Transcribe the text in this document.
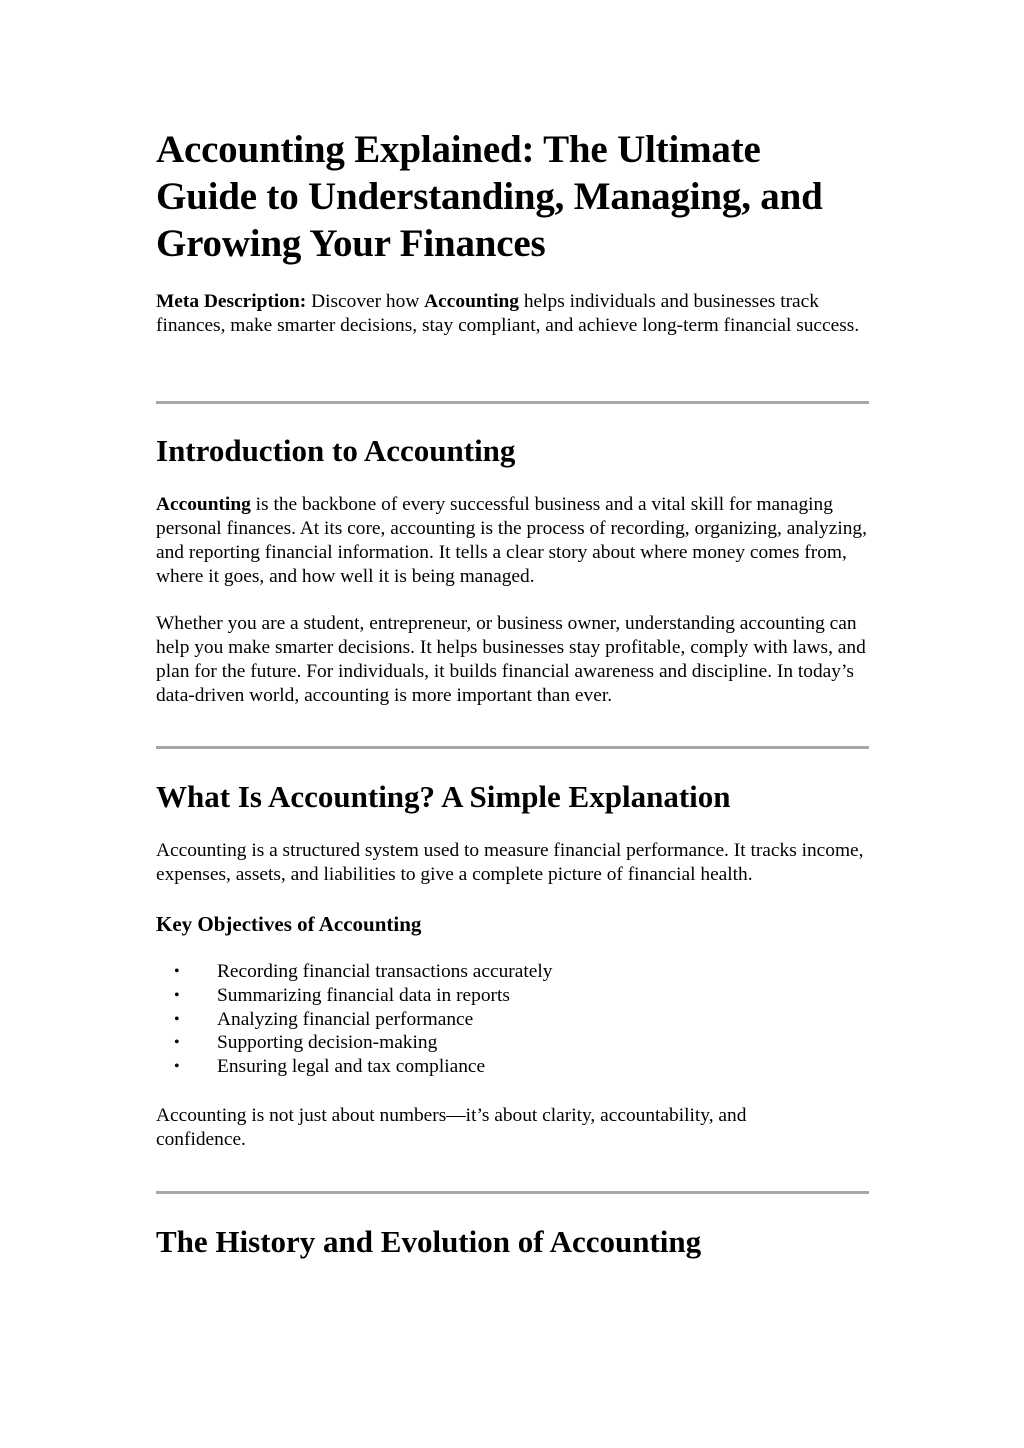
Accounting Explained: The Ultimate Guide to Understanding, Managing, and Growing Your Finances

Meta Description: Discover how Accounting helps individuals and businesses track finances, make smarter decisions, stay compliant, and achieve long-term financial success.

Introduction to Accounting

Accounting is the backbone of every successful business and a vital skill for managing personal finances. At its core, accounting is the process of recording, organizing, analyzing, and reporting financial information. It tells a clear story about where money comes from, where it goes, and how well it is being managed.

Whether you are a student, entrepreneur, or business owner, understanding accounting can help you make smarter decisions. It helps businesses stay profitable, comply with laws, and plan for the future. For individuals, it builds financial awareness and discipline. In today’s data-driven world, accounting is more important than ever.

What Is Accounting? A Simple Explanation

Accounting is a structured system used to measure financial performance. It tracks income, expenses, assets, and liabilities to give a complete picture of financial health.

Key Objectives of Accounting
• Recording financial transactions accurately
• Summarizing financial data in reports
• Analyzing financial performance
• Supporting decision-making
• Ensuring legal and tax compliance

Accounting is not just about numbers—it’s about clarity, accountability, and confidence.

The History and Evolution of Accounting
